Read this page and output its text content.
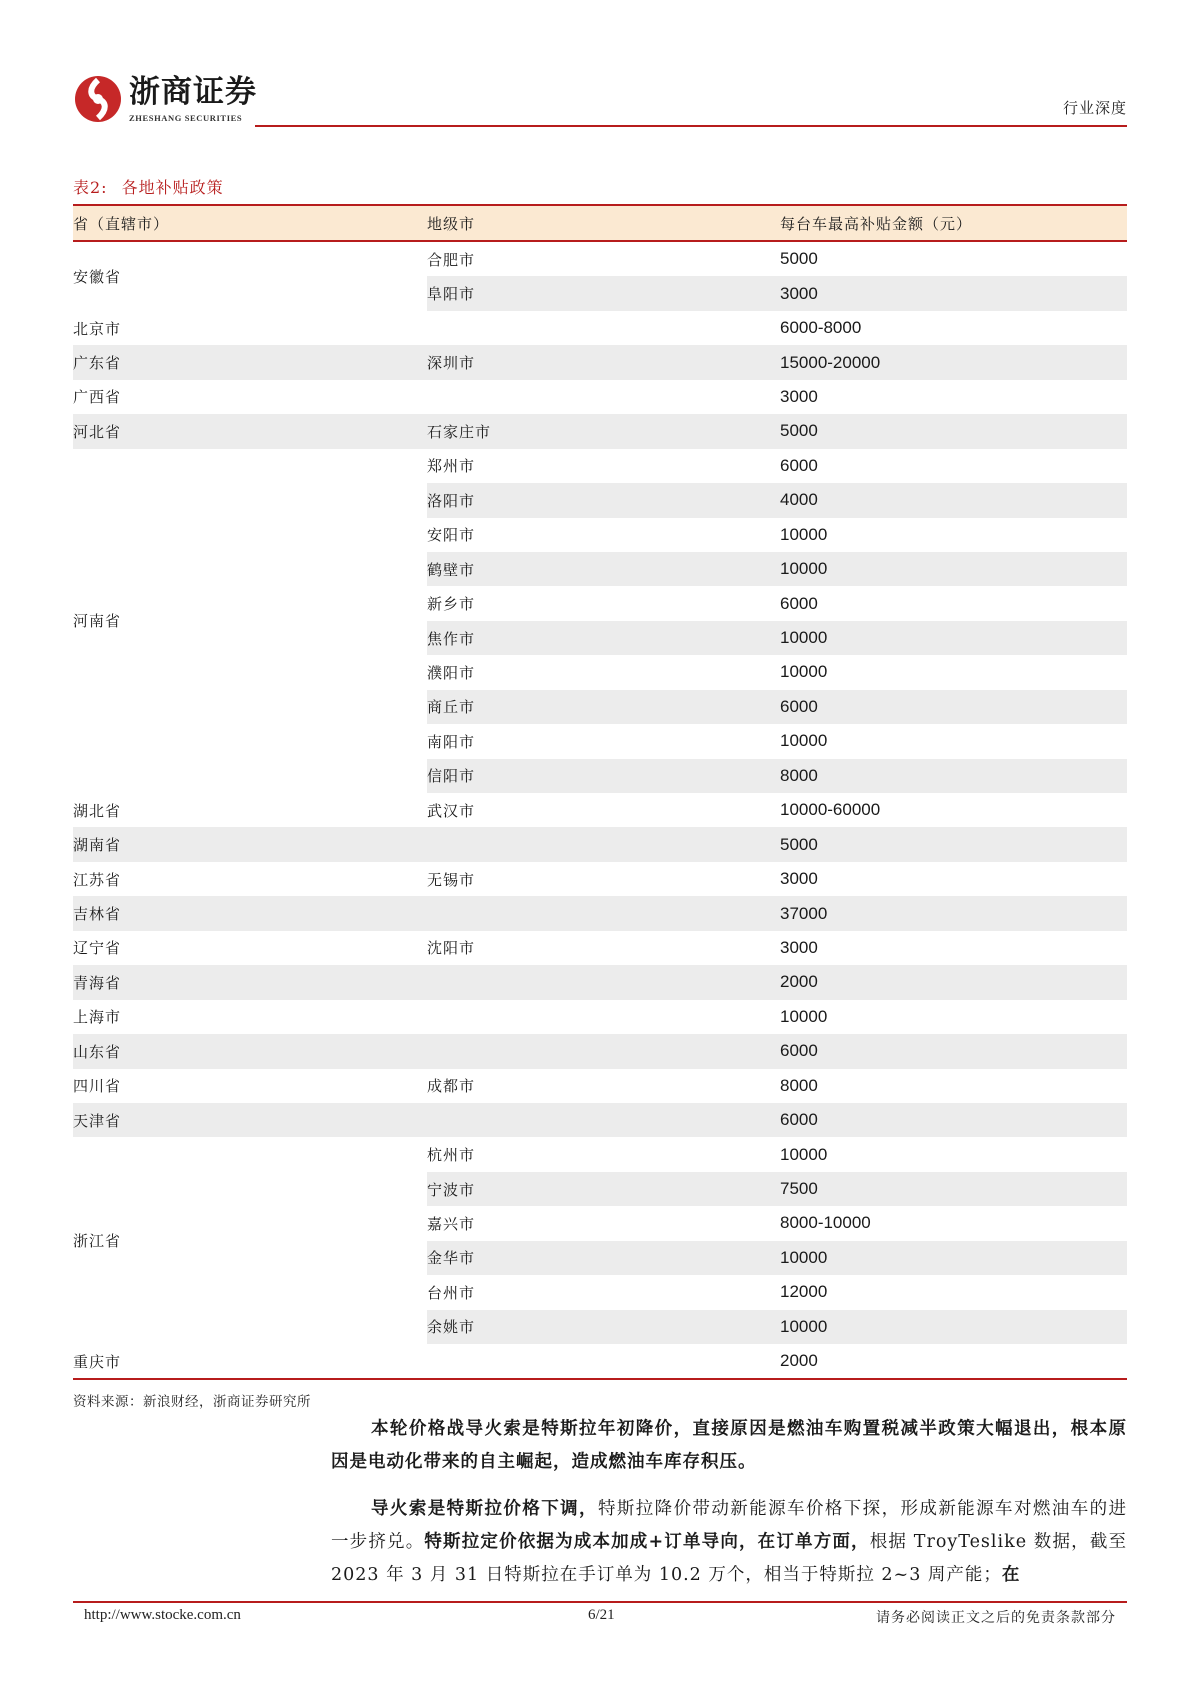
浙商证券
ZHESHANG SECURITIES
行业深度
表2: 各地补贴政策
省（直辖市）	地级市	每台车最高补贴金额（元）
安徽省	合肥市	5000
	阜阳市	3000
北京市		6000-8000
广东省	深圳市	15000-20000
广西省		3000
河北省	石家庄市	5000
河南省	郑州市	6000
	洛阳市	4000
	安阳市	10000
	鹤壁市	10000
	新乡市	6000
	焦作市	10000
	濮阳市	10000
	商丘市	6000
	南阳市	10000
	信阳市	8000
湖北省	武汉市	10000-60000
湖南省		5000
江苏省	无锡市	3000
吉林省		37000
辽宁省	沈阳市	3000
青海省		2000
上海市		10000
山东省		6000
四川省	成都市	8000
天津省		6000
浙江省	杭州市	10000
	宁波市	7500
	嘉兴市	8000-10000
	金华市	10000
	台州市	12000
	余姚市	10000
重庆市		2000
资料来源：新浪财经，浙商证券研究所
本轮价格战导火索是特斯拉年初降价，直接原因是燃油车购置税减半政策大幅退出，根本原因是电动化带来的自主崛起，造成燃油车库存积压。
导火索是特斯拉价格下调，特斯拉降价带动新能源车价格下探，形成新能源车对燃油车的进一步挤兑。特斯拉定价依据为成本加成+订单导向，在订单方面，根据 TroyTeslike 数据，截至 2023 年 3 月 31 日特斯拉在手订单为 10.2 万个，相当于特斯拉 2~3 周产能；在
http://www.stocke.com.cn	6/21	请务必阅读正文之后的免责条款部分
